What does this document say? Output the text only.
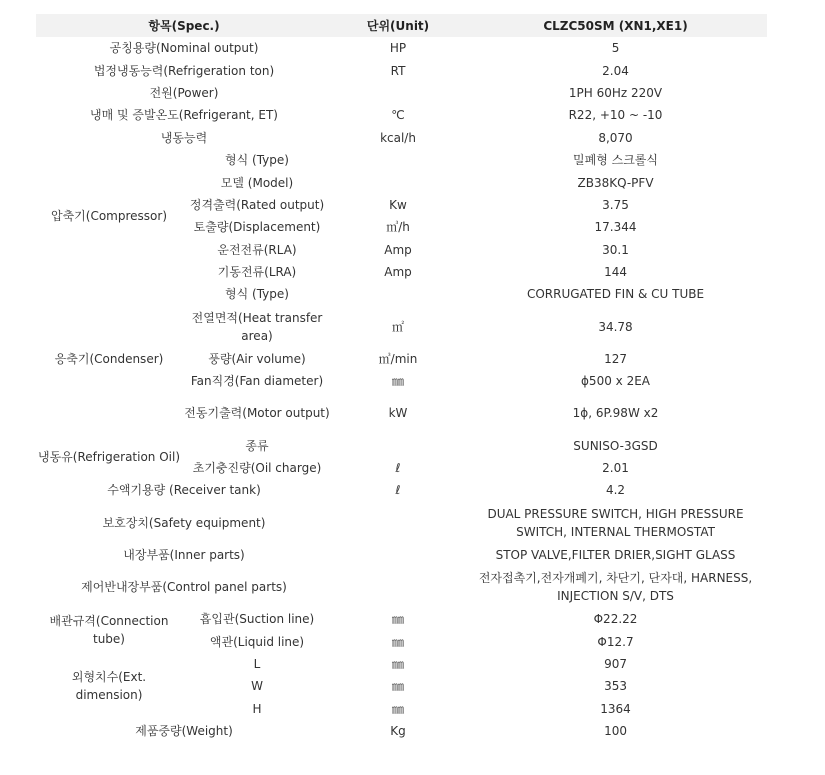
항목(Spec.)		단위(Unit)	CLZC50SM (XN1,XE1)
공칭용량(Nominal output)		HP	5
법정냉동능력(Refrigeration ton)		RT	2.04
전원(Power)			1PH 60Hz 220V
냉매 및 증발온도(Refrigerant, ET)		℃	R22, +10 ~ -10
냉동능력		kcal/h	8,070
압축기(Compressor)	형식 (Type)		밀폐형 스크롤식
	모델 (Model)		ZB38KQ-PFV
	정격출력(Rated output)	Kw	3.75
	토출량(Displacement)	㎥/h	17.344
	운전전류(RLA)	Amp	30.1
	기동전류(LRA)	Amp	144
응축기(Condenser)	형식 (Type)		CORRUGATED FIN & CU TUBE
	전열면적(Heat transfer area)	㎡	34.78
	풍량(Air volume)	㎥/min	127
	Fan직경(Fan diameter)	㎜	ϕ500 x 2EA
	전동기출력(Motor output)	kW	1ϕ, 6P.98W x2
냉동유(Refrigeration Oil)	종류		SUNISO-3GSD
	초기충진량(Oil charge)	ℓ	2.01
수액기용량 (Receiver tank)		ℓ	4.2
보호장치(Safety equipment)			DUAL PRESSURE SWITCH, HIGH PRESSURE SWITCH, INTERNAL THERMOSTAT
내장부품(Inner parts)			STOP VALVE,FILTER DRIER,SIGHT GLASS
제어반내장부품(Control panel parts)			전자접촉기,전자개폐기, 차단기, 단자대, HARNESS, INJECTION S/V, DTS
배관규격(Connection tube)	흡입관(Suction line)	㎜	Φ22.22
	액관(Liquid line)	㎜	Φ12.7
외형치수(Ext. dimension)	L	㎜	907
	W	㎜	353
	H	㎜	1364
제품중량(Weight)		Kg	100
